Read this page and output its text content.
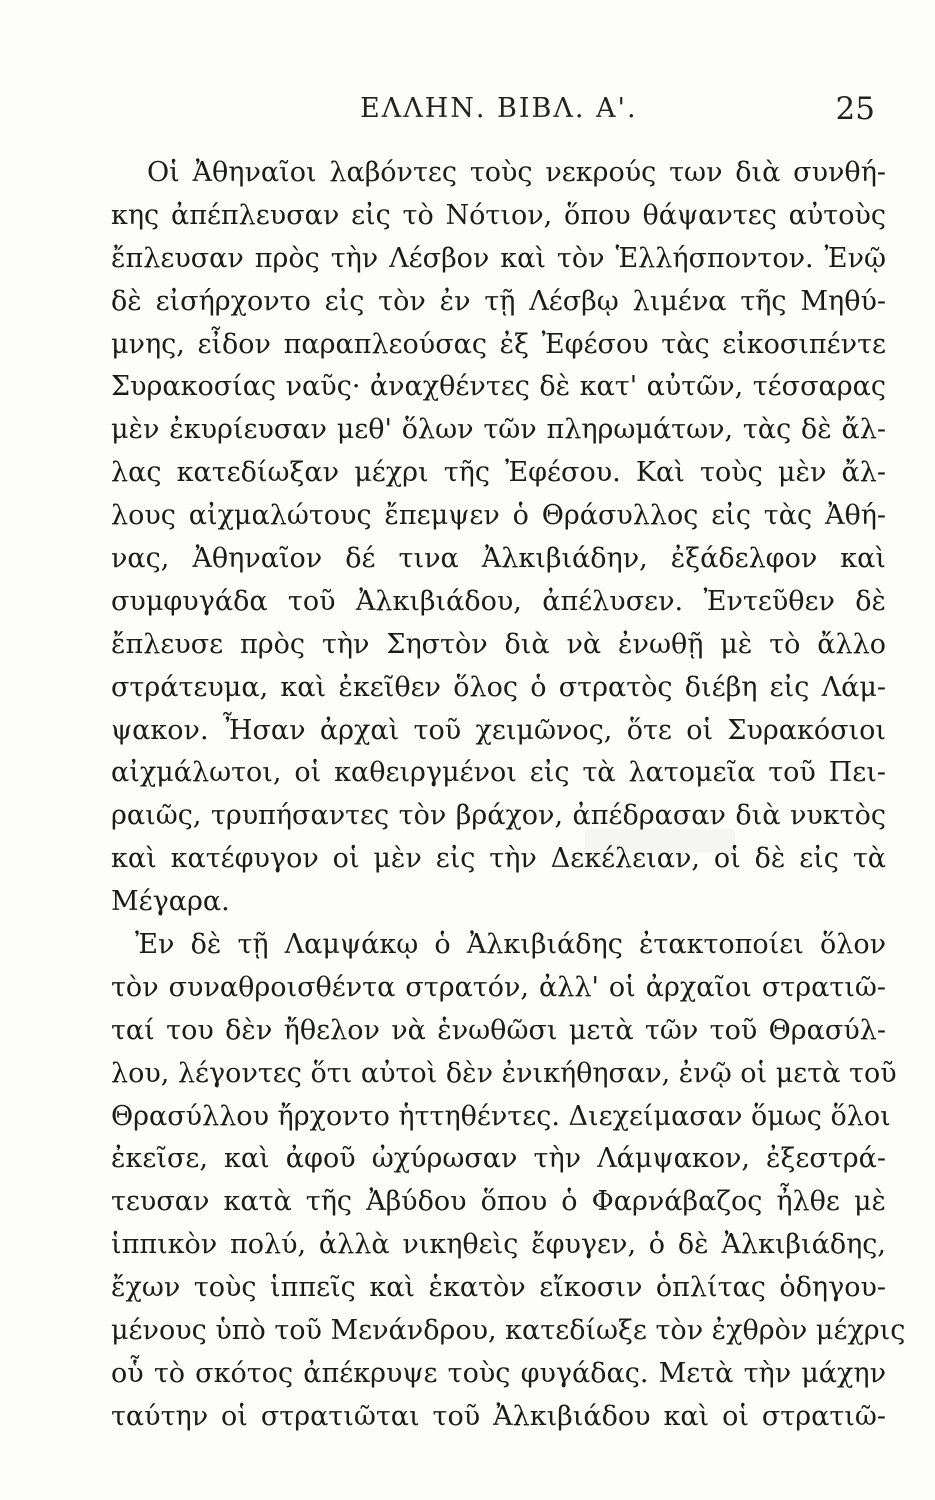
ΕΛΛΗΝ. ΒΙΒΛ. Α'.	25
Οἱ Ἀθηναῖοι λαβόντες τοὺς νεκρούς των διὰ συνθή-
κης ἀπέπλευσαν εἰς τὸ Νότιον, ὅπου θάψαντες αὐτοὺς
ἔπλευσαν πρὸς τὴν Λέσβον καὶ τὸν Ἑλλήσποντον. Ἐνῷ
δὲ εἰσήρχοντο εἰς τὸν ἐν τῇ Λέσβῳ λιμένα τῆς Μηθύ-
μνης, εἶδον παραπλεούσας ἐξ Ἐφέσου τὰς εἰκοσιπέντε
Συρακοσίας ναῦς· ἀναχθέντες δὲ κατ' αὐτῶν, τέσσαρας
μὲν ἐκυρίευσαν μεθ' ὅλων τῶν πληρωμάτων, τὰς δὲ ἄλ-
λας κατεδίωξαν μέχρι τῆς Ἐφέσου. Καὶ τοὺς μὲν ἄλ-
λους αἰχμαλώτους ἔπεμψεν ὁ Θράσυλλος εἰς τὰς Ἀθή-
νας, Ἀθηναῖον δέ τινα Ἀλκιβιάδην, ἐξάδελφον καὶ
συμφυγάδα τοῦ Ἀλκιβιάδου, ἀπέλυσεν. Ἐντεῦθεν δὲ
ἔπλευσε πρὸς τὴν Σηστὸν διὰ νὰ ἐνωθῇ μὲ τὸ ἄλλο
στράτευμα, καὶ ἐκεῖθεν ὅλος ὁ στρατὸς διέβη εἰς Λάμ-
ψακον. Ἦσαν ἀρχαὶ τοῦ χειμῶνος, ὅτε οἱ Συρακόσιοι
αἰχμάλωτοι, οἱ καθειργμένοι εἰς τὰ λατομεῖα τοῦ Πει-
ραιῶς, τρυπήσαντες τὸν βράχον, ἀπέδρασαν διὰ νυκτὸς
καὶ κατέφυγον οἱ μὲν εἰς τὴν Δεκέλειαν, οἱ δὲ εἰς τὰ
Μέγαρα.
Ἐν δὲ τῇ Λαμψάκῳ ὁ Ἀλκιβιάδης ἐτακτοποίει ὅλον
τὸν συναθροισθέντα στρατόν, ἀλλ' οἱ ἀρχαῖοι στρατιῶ-
ταί του δὲν ἤθελον νὰ ἑνωθῶσι μετὰ τῶν τοῦ Θρασύλ-
λου, λέγοντες ὅτι αὐτοὶ δὲν ἐνικήθησαν, ἐνῷ οἱ μετὰ τοῦ
Θρασύλλου ἤρχοντο ἡττηθέντες. Διεχείμασαν ὅμως ὅλοι
ἐκεῖσε, καὶ ἀφοῦ ὠχύρωσαν τὴν Λάμψακον, ἐξεστρά-
τευσαν κατὰ τῆς Ἀβύδου ὅπου ὁ Φαρνάβαζος ἦλθε μὲ
ἱππικὸν πολύ, ἀλλὰ νικηθεὶς ἔφυγεν, ὁ δὲ Ἀλκιβιάδης,
ἔχων τοὺς ἱππεῖς καὶ ἑκατὸν εἴκοσιν ὁπλίτας ὁδηγου-
μένους ὑπὸ τοῦ Μενάνδρου, κατεδίωξε τὸν ἐχθρὸν μέχρις
οὗ τὸ σκότος ἀπέκρυψε τοὺς φυγάδας. Μετὰ τὴν μάχην
ταύτην οἱ στρατιῶται τοῦ Ἀλκιβιάδου καὶ οἱ στρατιῶ-
